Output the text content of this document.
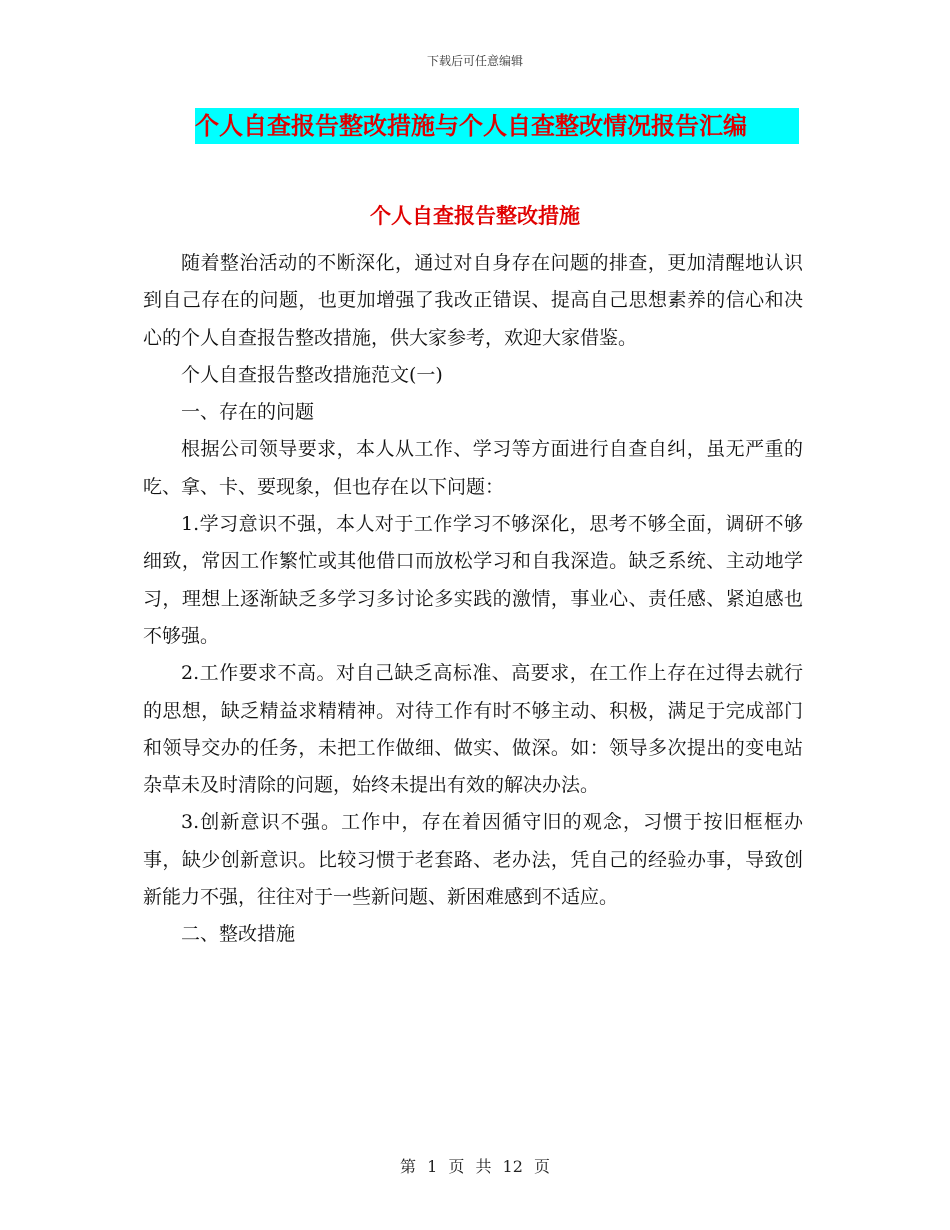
下载后可任意编辑
个人自查报告整改措施与个人自查整改情况报告汇编
个人自查报告整改措施

随着整治活动的不断深化，通过对自身存在问题的排查，更加清醒地认识到自己存在的问题，也更加增强了我改正错误、提高自己思想素养的信心和决心的个人自查报告整改措施，供大家参考，欢迎大家借鉴。

个人自查报告整改措施范文(一)

一、存在的问题

根据公司领导要求，本人从工作、学习等方面进行自查自纠，虽无严重的吃、拿、卡、要现象，但也存在以下问题：

1.学习意识不强，本人对于工作学习不够深化，思考不够全面，调研不够细致，常因工作繁忙或其他借口而放松学习和自我深造。缺乏系统、主动地学习，理想上逐渐缺乏多学习多讨论多实践的激情，事业心、责任感、紧迫感也不够强。

2.工作要求不高。对自己缺乏高标准、高要求，在工作上存在过得去就行的思想，缺乏精益求精精神。对待工作有时不够主动、积极，满足于完成部门和领导交办的任务，未把工作做细、做实、做深。如：领导多次提出的变电站杂草未及时清除的问题，始终未提出有效的解决办法。

3.创新意识不强。工作中，存在着因循守旧的观念，习惯于按旧框框办事，缺少创新意识。比较习惯于老套路、老办法，凭自己的经验办事，导致创新能力不强，往往对于一些新问题、新困难感到不适应。

二、整改措施

第 1 页 共 12 页
